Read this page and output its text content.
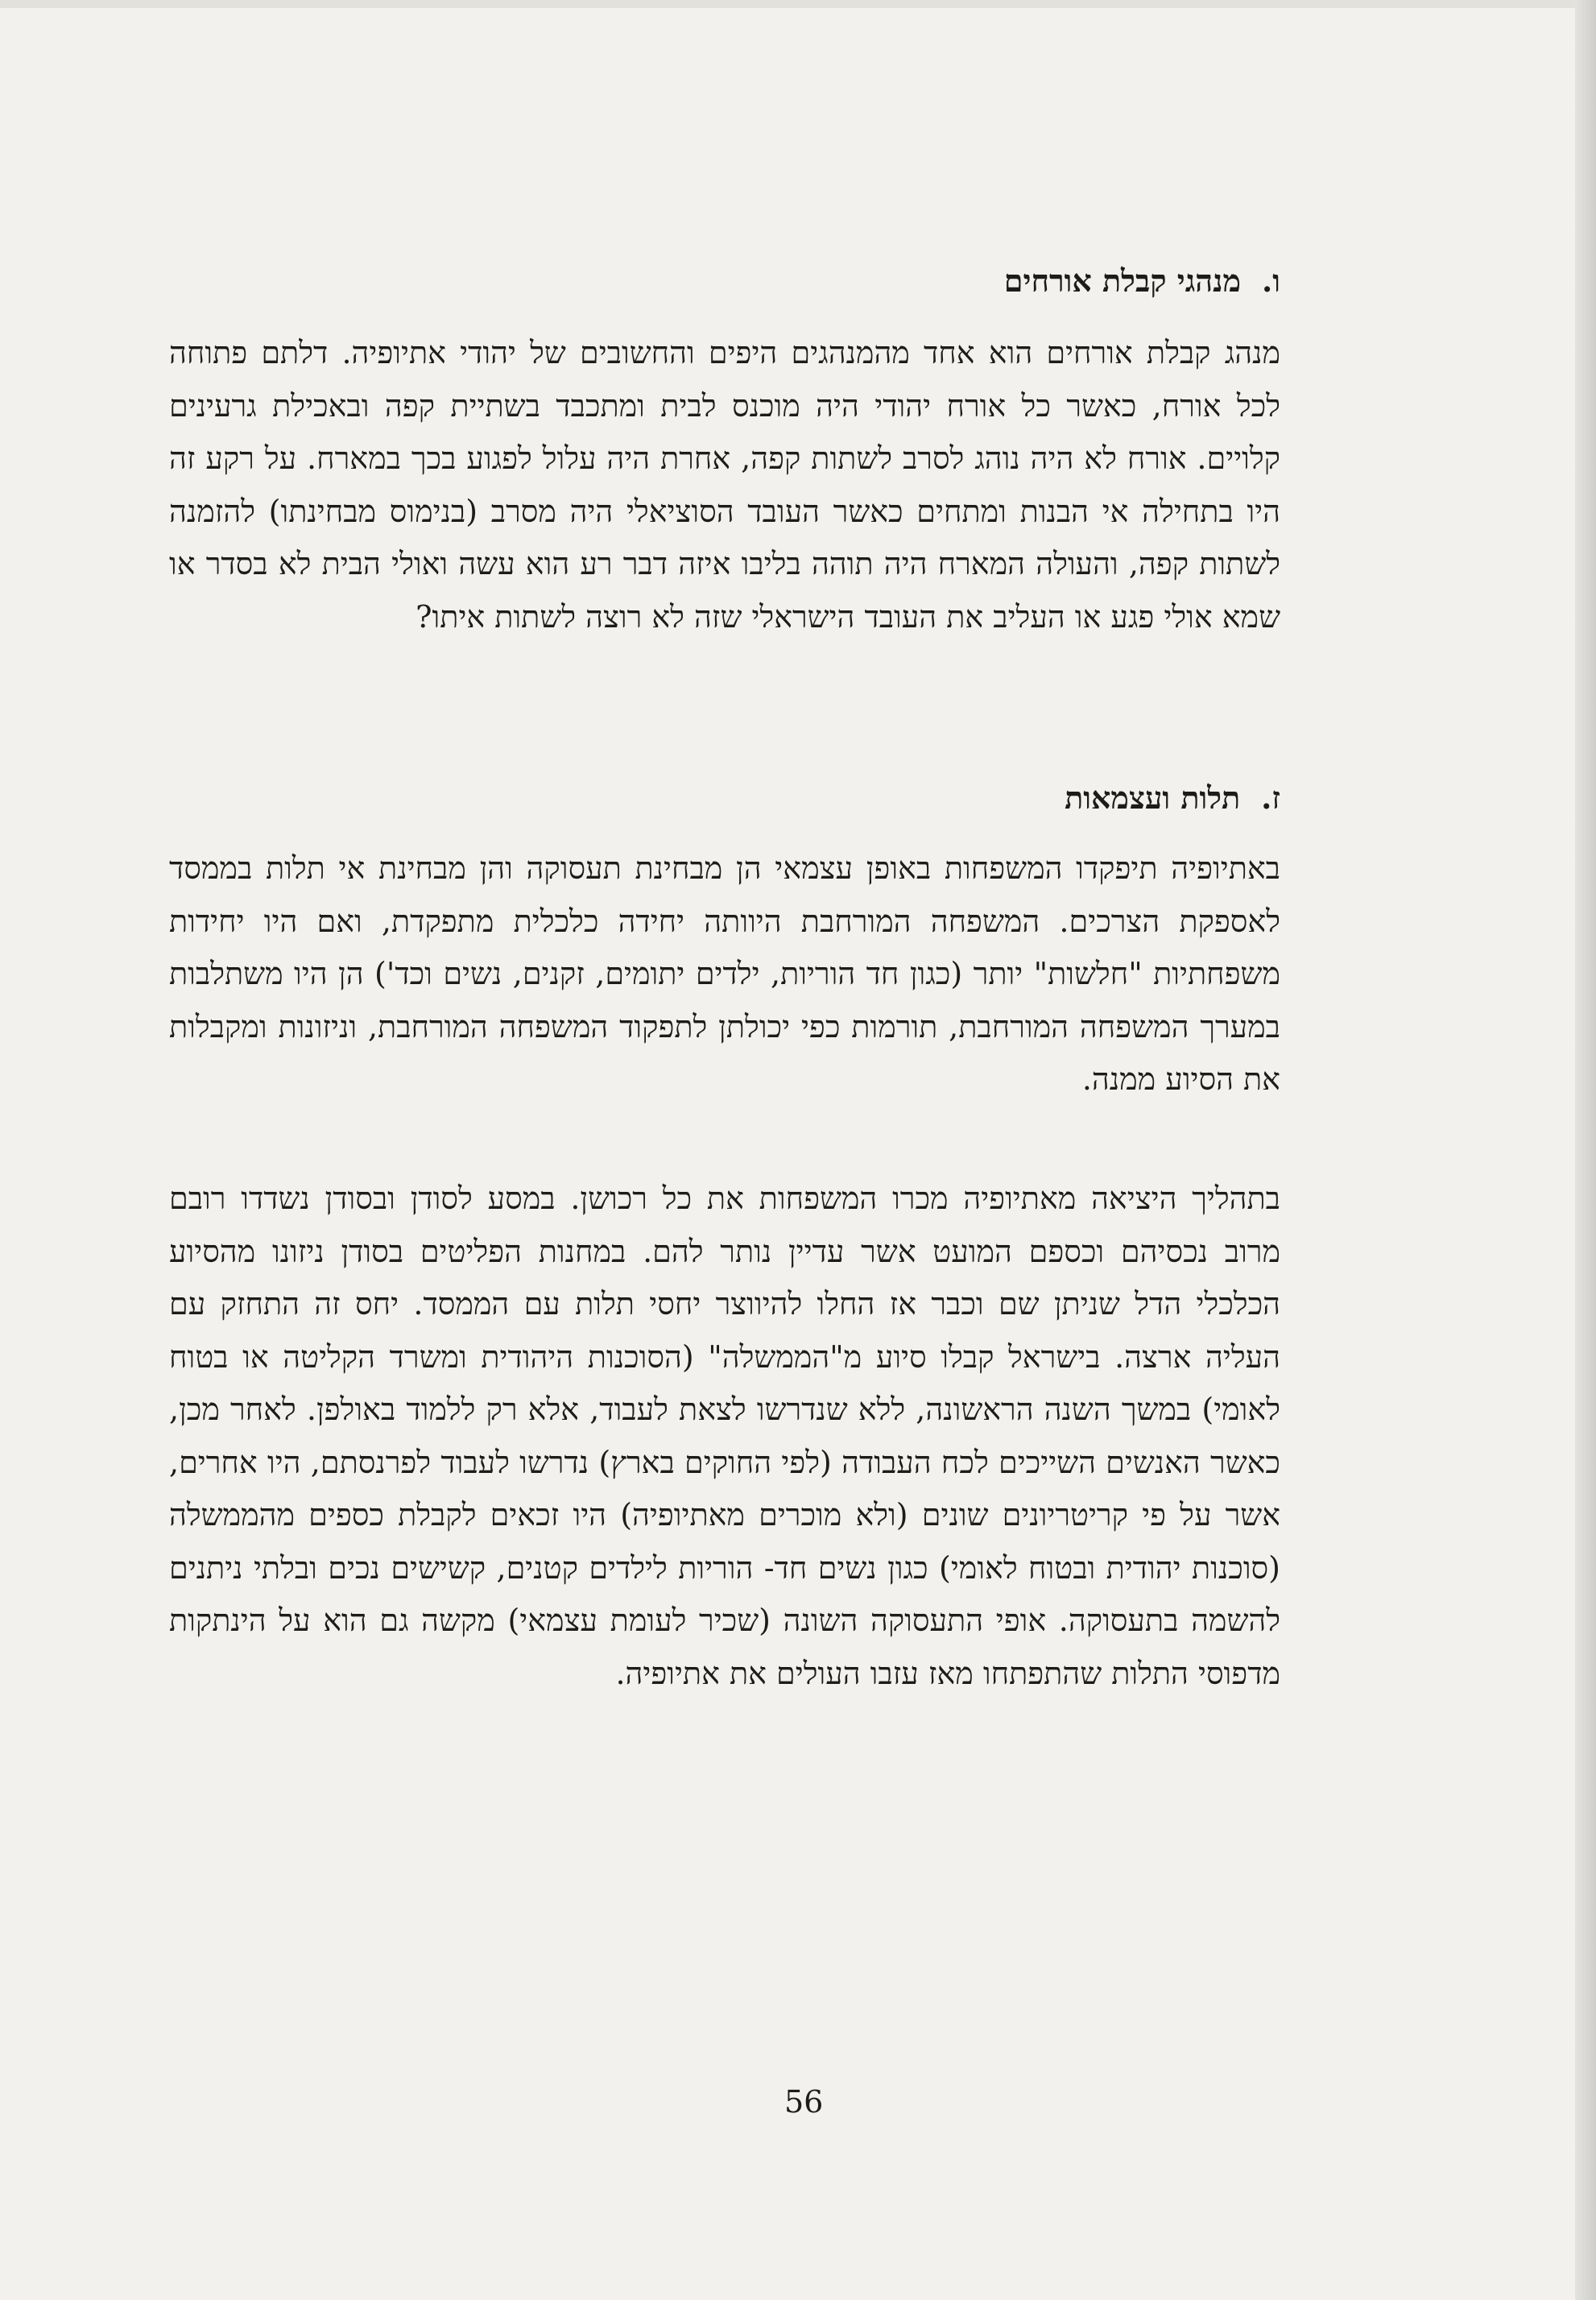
ו.מנהגי קבלת אורחים

מנהג קבלת אורחים הוא אחד מהמנהגים היפים והחשובים של יהודי אתיופיה. דלתם פתוחה לכל אורח, כאשר כל אורח יהודי היה מוכנס לבית ומתכבד בשתיית קפה ובאכילת גרעינים קלויים. אורח לא היה נוהג לסרב לשתות קפה, אחרת היה עלול לפגוע בכך במארח. על רקע זה היו בתחילה אי הבנות ומתחים כאשר העובד הסוציאלי היה מסרב (בנימוס מבחינתו) להזמנה לשתות קפה, והעולה המארח היה תוהה בליבו איזה דבר רע הוא עשה ואולי הבית לא בסדר או שמא אולי פגע או העליב את העובד הישראלי שזה לא רוצה לשתות איתו?

ז.תלות ועצמאות

באתיופיה תיפקדו המשפחות באופן עצמאי הן מבחינת תעסוקה והן מבחינת אי תלות בממסד לאספקת הצרכים. המשפחה המורחבת היוותה יחידה כלכלית מתפקדת, ואם היו יחידות משפחתיות "חלשות" יותר (כגון חד הוריות, ילדים יתומים, זקנים, נשים וכד') הן היו משתלבות במערך המשפחה המורחבת, תורמות כפי יכולתן לתפקוד המשפחה המורחבת, וניזונות ומקבלות את הסיוע ממנה.

בתהליך היציאה מאתיופיה מכרו המשפחות את כל רכושן. במסע לסודן ובסודן נשדדו רובם מרוב נכסיהם וכספם המועט אשר עדיין נותר להם. במחנות הפליטים בסודן ניזונו מהסיוע הכלכלי הדל שניתן שם וכבר אז החלו להיווצר יחסי תלות עם הממסד. יחס זה התחזק עם העליה ארצה. בישראל קבלו סיוע מ"הממשלה" (הסוכנות היהודית ומשרד הקליטה או בטוח לאומי) במשך השנה הראשונה, ללא שנדרשו לצאת לעבוד, אלא רק ללמוד באולפן. לאחר מכן, כאשר האנשים השייכים לכח העבודה (לפי החוקים בארץ) נדרשו לעבוד לפרנסתם, היו אחרים, אשר על פי קריטריונים שונים (ולא מוכרים מאתיופיה) היו זכאים לקבלת כספים מהממשלה (סוכנות יהודית ובטוח לאומי) כגון נשים חד- הוריות לילדים קטנים, קשישים נכים ובלתי ניתנים להשמה בתעסוקה. אופי התעסוקה השונה (שכיר לעומת עצמאי) מקשה גם הוא על הינתקות מדפוסי התלות שהתפתחו מאז עזבו העולים את אתיופיה.

56
